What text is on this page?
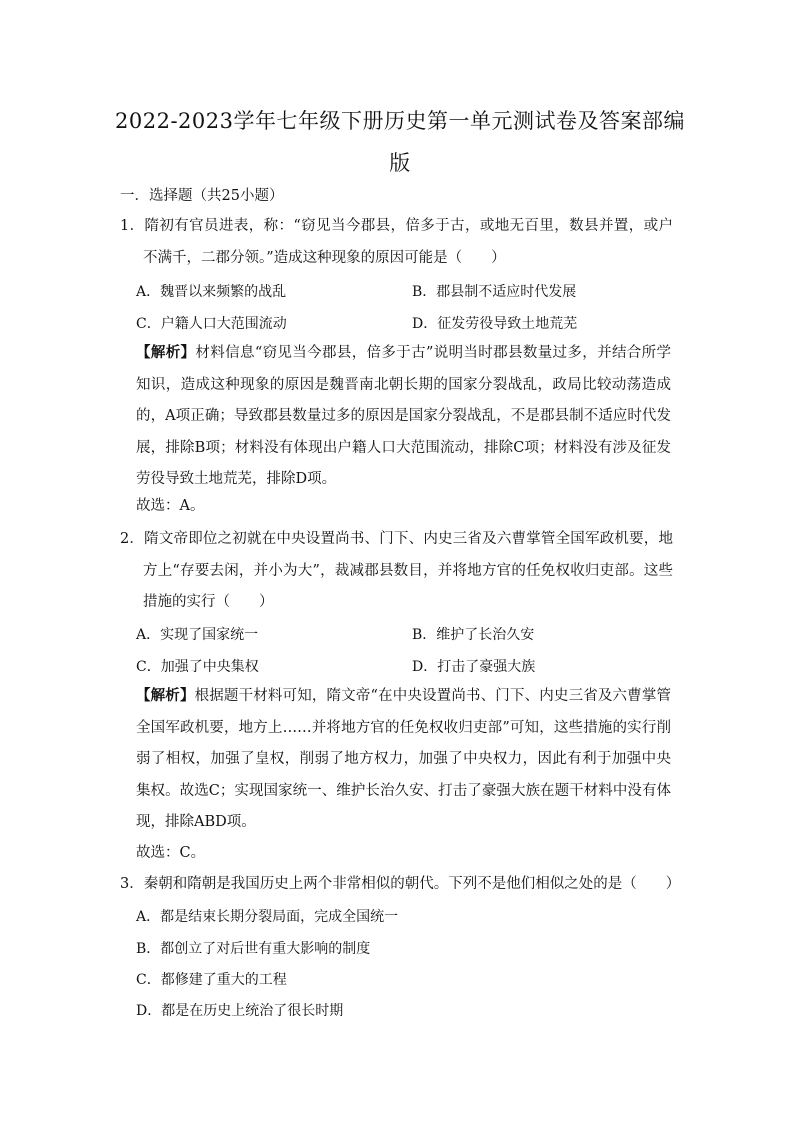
2022-2023学年七年级下册历史第一单元测试卷及答案部编
版
一．选择题（共25小题）
1．隋初有官员进表，称：“窃见当今郡县，倍多于古，或地无百里，数县并置，或户不满千，二郡分领。”造成这种现象的原因可能是（　　）
A．魏晋以来频繁的战乱	B．郡县制不适应时代发展
C．户籍人口大范围流动	D．征发劳役导致土地荒芜
【解析】材料信息“窃见当今郡县，倍多于古”说明当时郡县数量过多，并结合所学知识，造成这种现象的原因是魏晋南北朝长期的国家分裂战乱，政局比较动荡造成的，A项正确；导致郡县数量过多的原因是国家分裂战乱，不是郡县制不适应时代发展，排除B项；材料没有体现出户籍人口大范围流动，排除C项；材料没有涉及征发劳役导致土地荒芜，排除D项。
故选：A。
2．隋文帝即位之初就在中央设置尚书、门下、内史三省及六曹掌管全国军政机要，地方上“存要去闲，并小为大”，裁减郡县数目，并将地方官的任免权收归吏部。这些措施的实行（　　）
A．实现了国家统一	B．维护了长治久安
C．加强了中央集权	D．打击了豪强大族
【解析】根据题干材料可知，隋文帝“在中央设置尚书、门下、内史三省及六曹掌管全国军政机要，地方上……并将地方官的任免权收归吏部”可知，这些措施的实行削弱了相权，加强了皇权，削弱了地方权力，加强了中央权力，因此有利于加强中央集权。故选C；实现国家统一、维护长治久安、打击了豪强大族在题干材料中没有体现，排除ABD项。
故选：C。
3．秦朝和隋朝是我国历史上两个非常相似的朝代。下列不是他们相似之处的是（　　）
A．都是结束长期分裂局面，完成全国统一
B．都创立了对后世有重大影响的制度
C．都修建了重大的工程
D．都是在历史上统治了很长时期
